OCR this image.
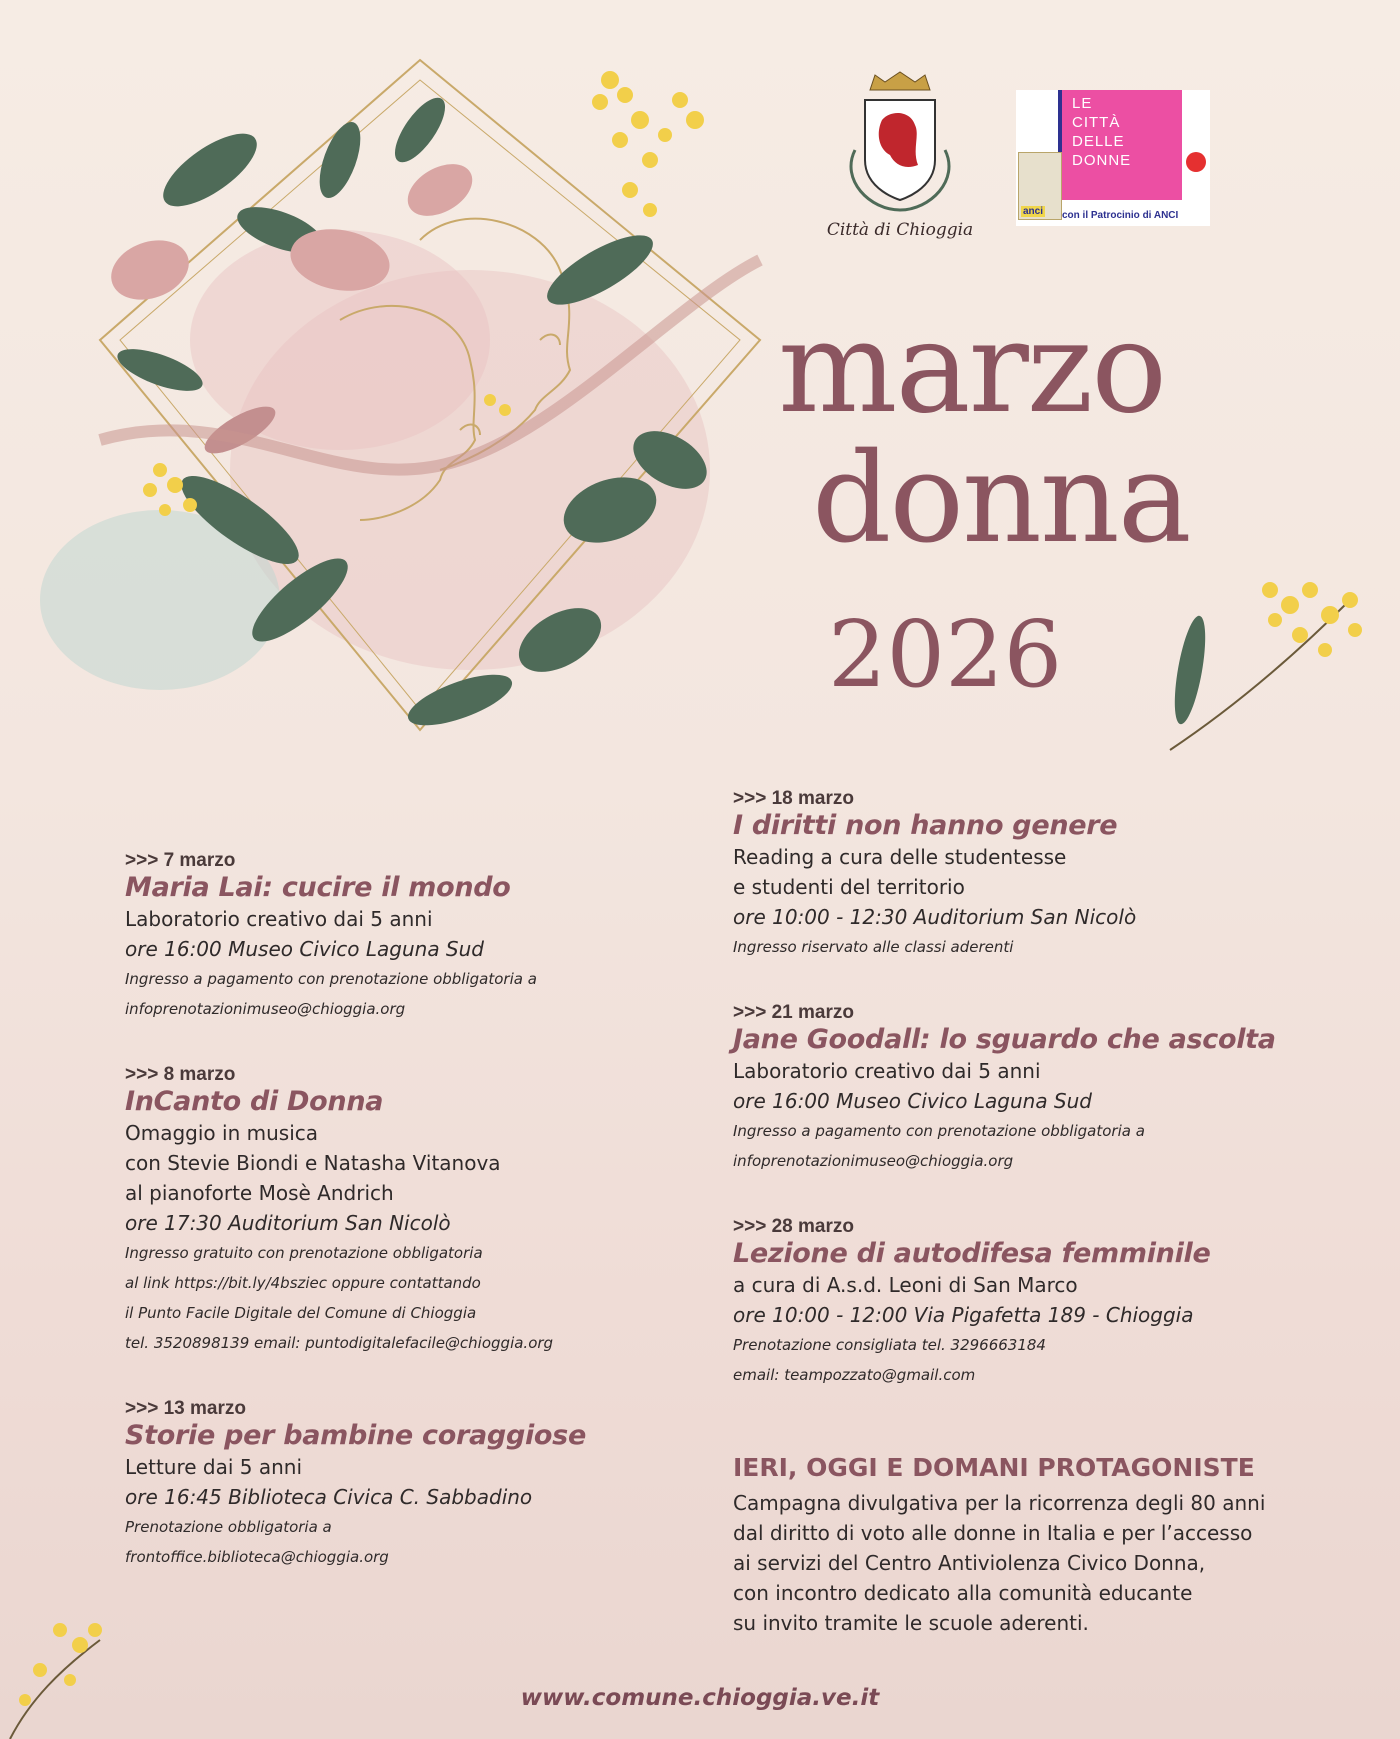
Città di Chioggia
LE
CITTÀ
DELLE
DONNE
anci con il Patrocinio di ANCI
marzo
donna
2026
>>> 7 marzo
Maria Lai: cucire il mondo
Laboratorio creativo dai 5 anni
ore 16:00 Museo Civico Laguna Sud
Ingresso a pagamento con prenotazione obbligatoria a
infoprenotazionimuseo@chioggia.org
>>> 8 marzo
InCanto di Donna
Omaggio in musica
con Stevie Biondi e Natasha Vitanova
al pianoforte Mosè Andrich
ore 17:30 Auditorium San Nicolò
Ingresso gratuito con prenotazione obbligatoria
al link https://bit.ly/4bsziec oppure contattando
il Punto Facile Digitale del Comune di Chioggia
tel. 3520898139 email: puntodigitalefacile@chioggia.org
>>> 13 marzo
Storie per bambine coraggiose
Letture dai 5 anni
ore 16:45 Biblioteca Civica C. Sabbadino
Prenotazione obbligatoria a
frontoffice.biblioteca@chioggia.org
>>> 18 marzo
I diritti non hanno genere
Reading a cura delle studentesse
e studenti del territorio
ore 10:00 - 12:30 Auditorium San Nicolò
Ingresso riservato alle classi aderenti
>>> 21 marzo
Jane Goodall: lo sguardo che ascolta
Laboratorio creativo dai 5 anni
ore 16:00 Museo Civico Laguna Sud
Ingresso a pagamento con prenotazione obbligatoria a
infoprenotazionimuseo@chioggia.org
>>> 28 marzo
Lezione di autodifesa femminile
a cura di A.s.d. Leoni di San Marco
ore 10:00 - 12:00 Via Pigafetta 189 - Chioggia
Prenotazione consigliata tel. 3296663184
email: teampozzato@gmail.com
IERI, OGGI E DOMANI PROTAGONISTE
Campagna divulgativa per la ricorrenza degli 80 anni
dal diritto di voto alle donne in Italia e per l’accesso
ai servizi del Centro Antiviolenza Civico Donna,
con incontro dedicato alla comunità educante
su invito tramite le scuole aderenti.
www.comune.chioggia.ve.it
